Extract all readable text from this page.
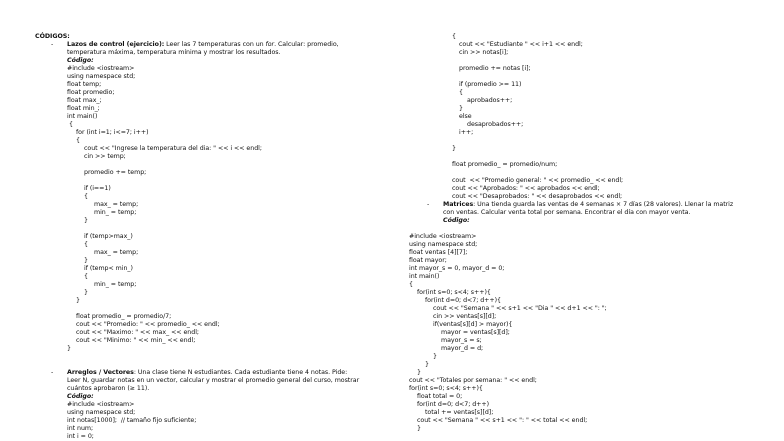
CÓDIGOS:
- Lazos de control (ejercicio): Leer las 7 temperaturas con un for. Calcular: promedio,
temperatura máxima, temperatura mínima y mostrar los resultados.
Código:
#include <iostream>
using namespace std;
float temp;
float promedio;
float max_;
float min_;
int main()
{
for (int i=1; i<=7; i++)
{
cout << "Ingrese la temperatura del dia: " << i << endl;
cin >> temp;
promedio += temp;
if (i==1)
{
max_ = temp;
min_ = temp;
}
if (temp>max_)
{
max_ = temp;
}
if (temp< min_)
{
min_ = temp;
}
}
float promedio_ = promedio/7;
cout << "Promedio: " << promedio_ << endl;
cout << "Maximo: " << max_ << endl;
cout << "Minimo: " << min_ << endl;
}
- Arreglos / Vectores: Una clase tiene N estudiantes. Cada estudiante tiene 4 notas. Pide:
Leer N, guardar notas en un vector, calcular y mostrar el promedio general del curso, mostrar
cuántos aprobaron (≥ 11).
Código:
#include <iostream>
using namespace std;
int notas[1000];  // tamaño fijo suficiente;
int num;
int i = 0;
{
cout << "Estudiante " << i+1 << endl;
cin >> notas[i];
promedio += notas [i];
if (promedio >= 11)
{
aprobados++;
}
else
desaprobados++;
i++;
}
float promedio_ = promedio/num;
cout  << "Promedio general: " << promedio_ << endl;
cout << "Aprobados: " << aprobados << endl;
cout << "Desaprobados: " << desaprobados << endl;
- Matrices: Una tienda guarda las ventas de 4 semanas × 7 días (28 valores). Llenar la matriz
con ventas. Calcular venta total por semana. Encontrar el día con mayor venta.
Código:
#include <iostream>
using namespace std;
float ventas [4][7];
float mayor;
int mayor_s = 0, mayor_d = 0;
int main()
{
for(int s=0; s<4; s++){
for(int d=0; d<7; d++){
cout << "Semana " << s+1 << "Dia " << d+1 << ": ";
cin >> ventas[s][d];
if(ventas[s][d] > mayor){
mayor = ventas[s][d];
mayor_s = s;
mayor_d = d;
}
}
}
cout << "Totales por semana: " << endl;
for(int s=0; s<4; s++){
float total = 0;
for(int d=0; d<7; d++)
total += ventas[s][d];
cout << "Semana " << s+1 << ": " << total << endl;
}
